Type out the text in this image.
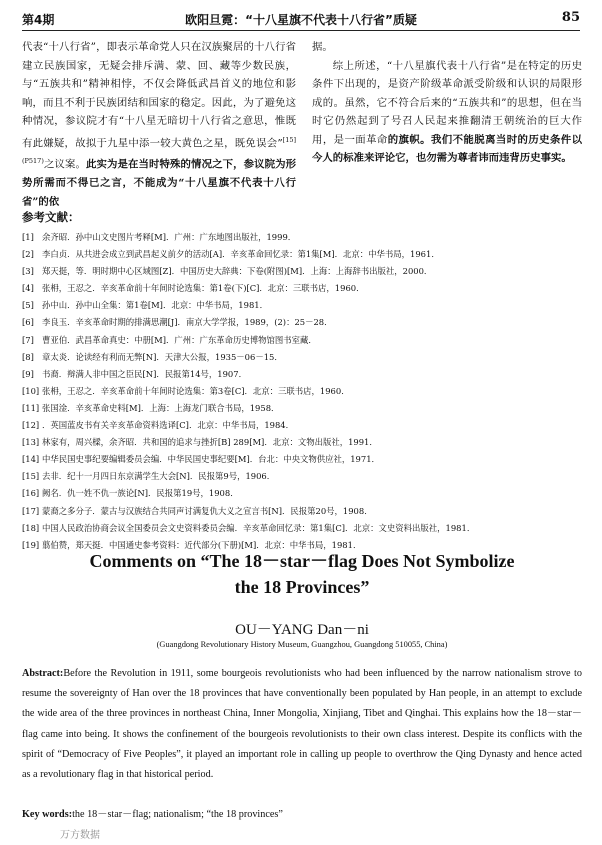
第4期	欧阳旦霓：“十八星旗不代表十八行省”质疑	85

代表“十八行省”，即表示革命党人只在汉族聚居的十八行省建立民族国家，无疑会排斥满、蒙、回、藏等少数民族，与“五族共和”精神相悖，不仅会降低武昌首义的地位和影响，而且不利于民族团结和国家的稳定。因此，为了避免这种情况，参议院才有“十八星无暗切十八行省之意思，惟既有此嫌疑，故拟于九星中添一较大黄色之星，既免误会”$^{[15](P517)}$之议案。此实为是在当时特殊的情况之下，参议院为形势所需而不得已之言，不能成为“十八星旗不代表十八行省”的依

据。

综上所述，“十八星旗代表十八行省”是在特定的历史条件下出现的，是资产阶级革命派受阶级和认识的局限形成的。虽然，它不符合后来的“五族共和”的思想，但在当时它仍然起到了号召人民起来推翻清王朝统治的巨大作用，是一面革命的旗帜。我们不能脱离当时的历史条件以今人的标准来评论它，也勿需为尊者讳而违背历史事实。

参考文献：
[1] 余齐昭．孙中山文史图片考释[M]．广州：广东地图出版社，1999．
[2] 李白贞．从共进会成立到武昌起义前夕的活动[A]．辛亥革命回忆录：第1集[M]．北京：中华书局，1961．
[3] 郑天挺，等．明时期中心区域图[Z]．中国历史大辞典：下卷(附图)[M]．上海：上海辞书出版社，2000．
[4] 张枏，王忍之．辛亥革命前十年间时论选集：第1卷(下)[C]．北京：三联书店，1960．
[5] 孙中山．孙中山全集：第1卷[M]．北京：中华书局，1981．
[6] 李良玉．辛亥革命时期的排满思潮[J]．南京大学学报，1989，(2)：25－28．
[7] 曹亚伯．武昌革命真史：中册[M]．广州：广东革命历史博物馆图书室藏．
[8] 章太炎．论读经有利而无弊[N]．天津大公报，1935－06－15．
[9] 书裔．辩满人非中国之臣民[N]．民报第14号，1907．
[10] 张枏，王忍之．辛亥革命前十年间时论选集：第3卷[C]．北京：三联书店，1960．
[11] 张国淦．辛亥革命史料[M]．上海：上海龙门联合书局，1958．
[12] ．英国蓝皮书有关辛亥革命资料选译[C]．北京：中华书局，1984．
[13] 林家有，周兴樑，余齐昭．共和国的追求与挫折[B] 289[M]．北京：文物出版社，1991．
[14] 中华民国史事纪要编辑委员会编．中华民国史事纪要[M]．台北：中央文物供应社，1971．
[15] 去非．纪十一月四日东京满学生大会[N]．民报第9号，1906．
[16] 阙名．仇一姓不仇一族论[N]．民报第19号，1908．
[17] 蒙裔之多分子．蒙古与汉族结合共同声讨满复仇大义之宣言书[N]．民报第20号，1908．
[18] 中国人民政治协商会议全国委员会文史资料委员会编．辛亥革命回忆录：第1集[C]．北京：文史资料出版社，1981．
[19] 翦伯赞，郑天挺．中国通史参考资料：近代部分(下册)[M]．北京：中华书局，1981．
Comments on “The 18－star－flag Does Not Symbolize
the 18 Provinces”
OU－YANG Dan－ni
(Guangdong Revolutionary History Museum, Guangzhou, Guangdong 510055, China)

Abstract:Before the Revolution in 1911, some bourgeois revolutionists who had been influenced by the narrow nationalism strove to resume the sovereignty of Han over the 18 provinces that have conventionally been populated by Han people, in an attempt to exclude the wide area of the three provinces in northeast China, Inner Mongolia, Xinjiang, Tibet and Qinghai. This explains how the 18－star－flag came into being. It shows the confinement of the bourgeois revolutionists to their own class interest. Despite its conflicts with the spirit of “Democracy of Five Peoples”, it played an important role in calling up people to overthrow the Qing Dynasty and hence acted as a revolutionary flag in that historical period.

Key words:the 18－star－flag; nationalism; “the 18 provinces”

万方数据
